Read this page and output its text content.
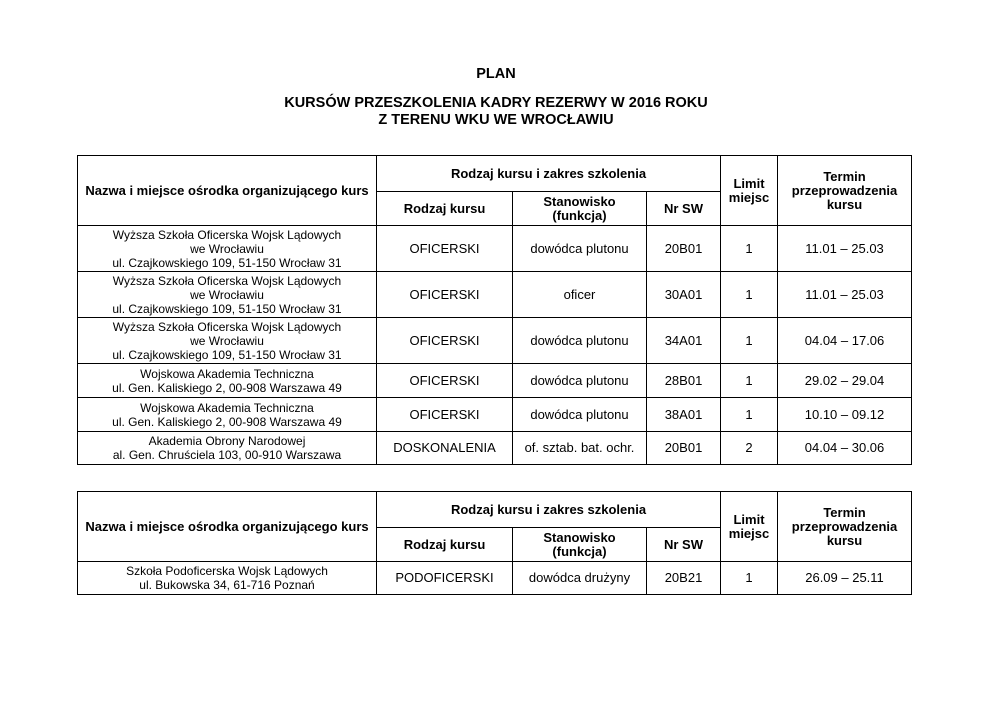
PLAN
KURSÓW PRZESZKOLENIA KADRY REZERWY W 2016 ROKU
Z TERENU WKU WE WROCŁAWIU
Nazwa i miejsce ośrodka organizującego kurs	Rodzaj kursu i zakres szkolenia			Limit
miejsc	Termin
przeprowadzenia
kursu
	Rodzaj kursu	Stanowisko
(funkcja)	Nr SW		
Wyższa Szkoła Oficerska Wojsk Lądowych
we Wrocławiu
ul. Czajkowskiego 109, 51-150 Wrocław 31	OFICERSKI	dowódca plutonu	20B01	1	11.01 – 25.03
Wyższa Szkoła Oficerska Wojsk Lądowych
we Wrocławiu
ul. Czajkowskiego 109, 51-150 Wrocław 31	OFICERSKI	oficer	30A01	1	11.01 – 25.03
Wyższa Szkoła Oficerska Wojsk Lądowych
we Wrocławiu
ul. Czajkowskiego 109, 51-150 Wrocław 31	OFICERSKI	dowódca plutonu	34A01	1	04.04 – 17.06
Wojskowa Akademia Techniczna
ul. Gen. Kaliskiego 2, 00-908 Warszawa 49	OFICERSKI	dowódca plutonu	28B01	1	29.02 – 29.04
Wojskowa Akademia Techniczna
ul. Gen. Kaliskiego 2, 00-908 Warszawa 49	OFICERSKI	dowódca plutonu	38A01	1	10.10 – 09.12
Akademia Obrony Narodowej
al. Gen. Chruściela 103, 00-910 Warszawa	DOSKONALENIA	of. sztab. bat. ochr.	20B01	2	04.04 – 30.06
Nazwa i miejsce ośrodka organizującego kurs	Rodzaj kursu i zakres szkolenia			Limit
miejsc	Termin
przeprowadzenia
kursu
	Rodzaj kursu	Stanowisko
(funkcja)	Nr SW		
Szkoła Podoficerska Wojsk Lądowych
ul. Bukowska 34, 61-716 Poznań	PODOFICERSKI	dowódca drużyny	20B21	1	26.09 – 25.11
